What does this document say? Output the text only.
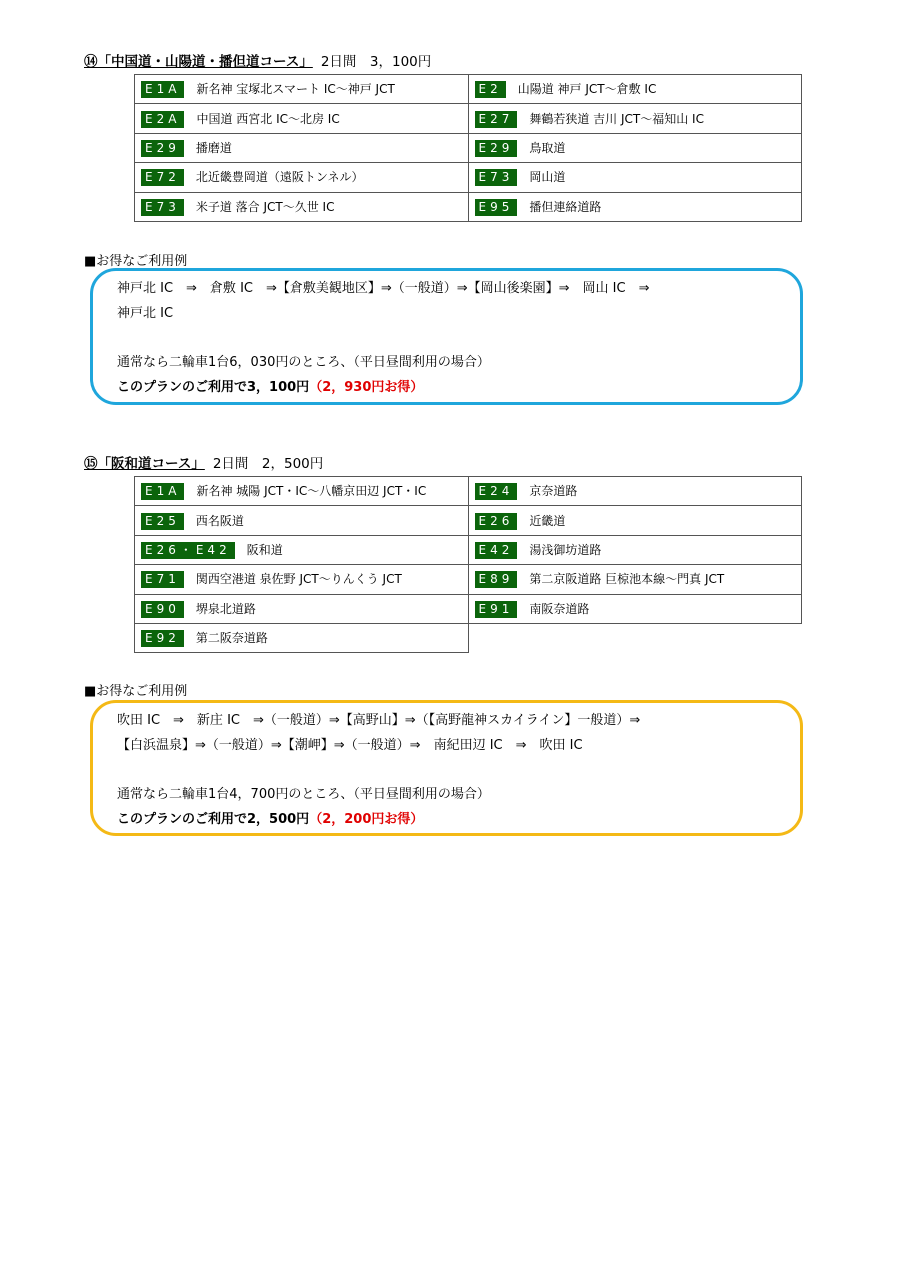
⑭「中国道・山陽道・播但道コース」 2日間　3，100円
E1A 新名神 宝塚北スマート IC～神戸 JCT	E2 山陽道 神戸 JCT～倉敷 IC
E2A 中国道 西宮北 IC～北房 IC	E27 舞鶴若狭道 吉川 JCT～福知山 IC
E29 播磨道	E29 鳥取道
E72 北近畿豊岡道（遠阪トンネル）	E73 岡山道
E73 米子道 落合 JCT～久世 IC	E95 播但連絡道路
■お得なご利用例
神戸北 IC　⇒　倉敷 IC　⇒【倉敷美観地区】⇒（一般道）⇒【岡山後楽園】⇒　岡山 IC　⇒
神戸北 IC
通常なら二輪車1台6，030円のところ、（平日昼間利用の場合）
このプランのご利用で3，100円（2，930円お得）
⑮「阪和道コース」 2日間　2，500円
E1A 新名神 城陽 JCT・IC～八幡京田辺 JCT・IC	E24 京奈道路
E25 西名阪道	E26 近畿道
E26・E42 阪和道	E42 湯浅御坊道路
E71 関西空港道 泉佐野 JCT～りんくう JCT	E89 第二京阪道路 巨椋池本線～門真 JCT
E90 堺泉北道路	E91 南阪奈道路
E92 第二阪奈道路	
■お得なご利用例
吹田 IC　⇒　新庄 IC　⇒（一般道）⇒【高野山】⇒（【高野龍神スカイライン】一般道）⇒
【白浜温泉】⇒（一般道）⇒【潮岬】⇒（一般道）⇒　南紀田辺 IC　⇒　吹田 IC
通常なら二輪車1台4，700円のところ、（平日昼間利用の場合）
このプランのご利用で2，500円（2，200円お得）
